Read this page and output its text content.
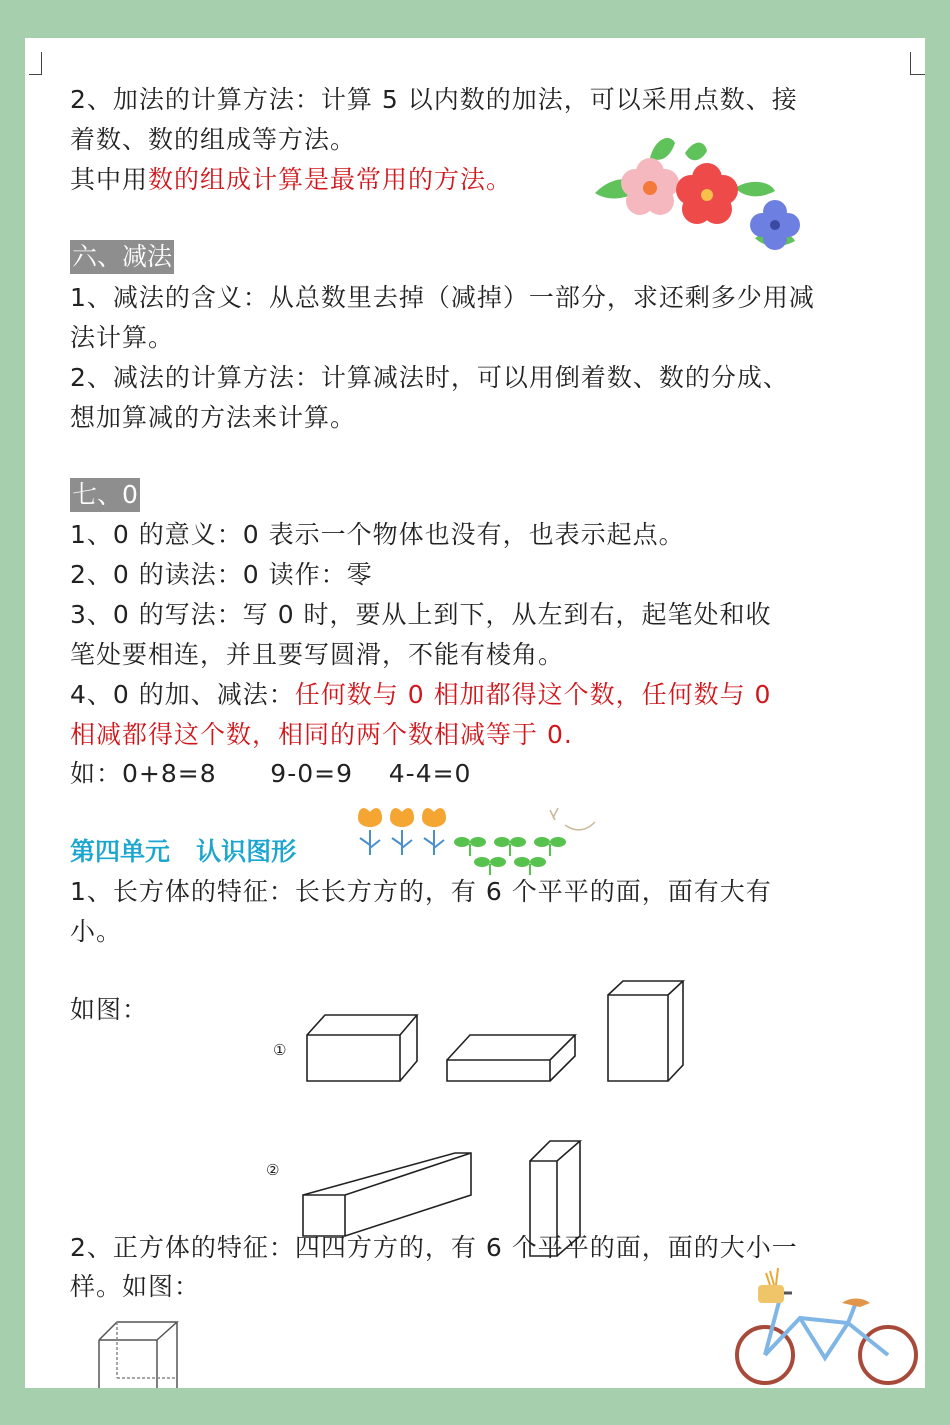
2、加法的计算方法：计算 5 以内数的加法，可以采用点数、接
着数、数的组成等方法。
其中用数的组成计算是最常用的方法。
六、减法
1、减法的含义：从总数里去掉（减掉）一部分，求还剩多少用减
法计算。
2、减法的计算方法：计算减法时，可以用倒着数、数的分成、
想加算减的方法来计算。
七、0
1、0 的意义：0 表示一个物体也没有，也表示起点。
2、0 的读法：0 读作：零
3、0 的写法：写 0 时，要从上到下，从左到右，起笔处和收
笔处要相连，并且要写圆滑，不能有棱角。
4、0 的加、减法：任何数与 0 相加都得这个数，任何数与 0
相减都得这个数，相同的两个数相减等于 0.
如：0+8=8      9-0=9    4-4=0
第四单元   认识图形
1、长方体的特征：长长方方的，有 6 个平平的面，面有大有
小。
如图：
①
②
2、正方体的特征：四四方方的，有 6 个平平的面，面的大小一
样。如图：
